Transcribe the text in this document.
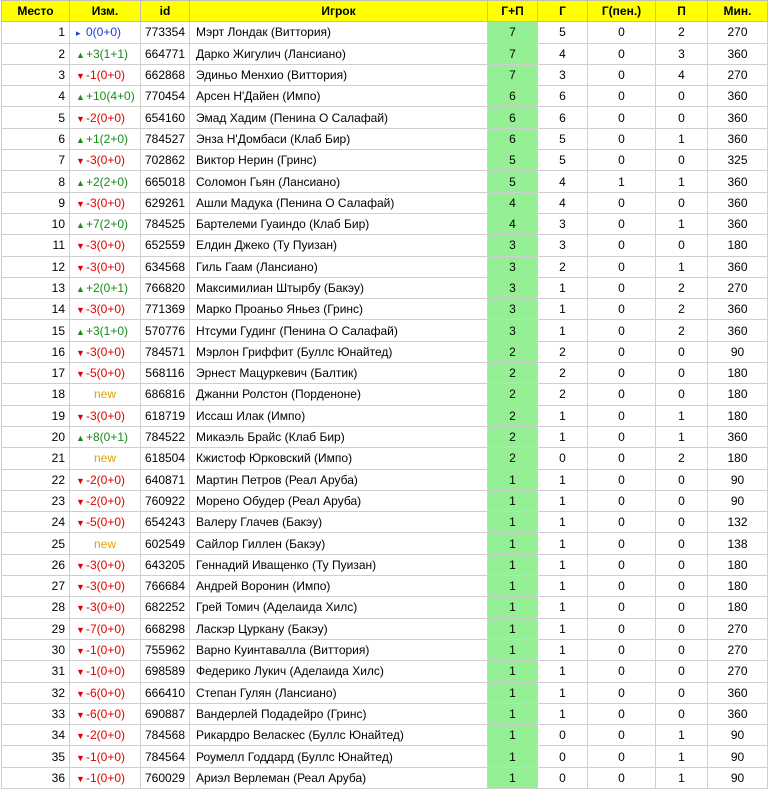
Место	Изм.	id	Игрок	Г+П	Г	Г(пен.)	П	Мин.
1	▸ 0(0+0)	773354	Мэрт Лондак (Виттория)	7	5	0	2	270
2	▲+3(1+1)	664771	Дарко Жигулич (Лансиано)	7	4	0	3	360
3	▼-1(0+0)	662868	Эдиньо Менхио (Виттория)	7	3	0	4	270
4	▲+10(4+0)	770454	Арсен Н'Дайен (Импо)	6	6	0	0	360
5	▼-2(0+0)	654160	Эмад Хадим (Пенина О Салафай)	6	6	0	0	360
6	▲+1(2+0)	784527	Энза Н'Домбаси (Клаб Бир)	6	5	0	1	360
7	▼-3(0+0)	702862	Виктор Нерин (Гринс)	5	5	0	0	325
8	▲+2(2+0)	665018	Соломон Гьян (Лансиано)	5	4	1	1	360
9	▼-3(0+0)	629261	Ашли Мадука (Пенина О Салафай)	4	4	0	0	360
10	▲+7(2+0)	784525	Бартелеми Гуаиндо (Клаб Бир)	4	3	0	1	360
11	▼-3(0+0)	652559	Елдин Джеко (Ту Пуизан)	3	3	0	0	180
12	▼-3(0+0)	634568	Гиль Гаам (Лансиано)	3	2	0	1	360
13	▲+2(0+1)	766820	Максимилиан Штырбу (Бакэу)	3	1	0	2	270
14	▼-3(0+0)	771369	Марко Проаньо Яньез (Гринс)	3	1	0	2	360
15	▲+3(1+0)	570776	Нтсуми Гудинг (Пенина О Салафай)	3	1	0	2	360
16	▼-3(0+0)	784571	Мэрлон Гриффит (Буллс Юнайтед)	2	2	0	0	90
17	▼-5(0+0)	568116	Эрнест Мацуркевич (Балтик)	2	2	0	0	180
18	new	686816	Джанни Ролстон (Порденоне)	2	2	0	0	180
19	▼-3(0+0)	618719	Иссаш Илак (Импо)	2	1	0	1	180
20	▲+8(0+1)	784522	Микаэль Брайс (Клаб Бир)	2	1	0	1	360
21	new	618504	Кжистоф Юрковский (Импо)	2	0	0	2	180
22	▼-2(0+0)	640871	Мартин Петров (Реал Аруба)	1	1	0	0	90
23	▼-2(0+0)	760922	Морено Обудер (Реал Аруба)	1	1	0	0	90
24	▼-5(0+0)	654243	Валеру Глачев (Бакэу)	1	1	0	0	132
25	new	602549	Сайлор Гиллен (Бакэу)	1	1	0	0	138
26	▼-3(0+0)	643205	Геннадий Иващенко (Ту Пуизан)	1	1	0	0	180
27	▼-3(0+0)	766684	Андрей Воронин (Импо)	1	1	0	0	180
28	▼-3(0+0)	682252	Грей Томич (Аделаида Хилс)	1	1	0	0	180
29	▼-7(0+0)	668298	Ласкэр Цуркану (Бакэу)	1	1	0	0	270
30	▼-1(0+0)	755962	Варно Куинтавалла (Виттория)	1	1	0	0	270
31	▼-1(0+0)	698589	Федерико Лукич (Аделаида Хилс)	1	1	0	0	270
32	▼-6(0+0)	666410	Степан Гулян (Лансиано)	1	1	0	0	360
33	▼-6(0+0)	690887	Вандерлей Подадейро (Гринс)	1	1	0	0	360
34	▼-2(0+0)	784568	Рикардро Веласкес (Буллс Юнайтед)	1	0	0	1	90
35	▼-1(0+0)	784564	Роумелл Годдард (Буллс Юнайтед)	1	0	0	1	90
36	▼-1(0+0)	760029	Ариэл Верлеман (Реал Аруба)	1	0	0	1	90
